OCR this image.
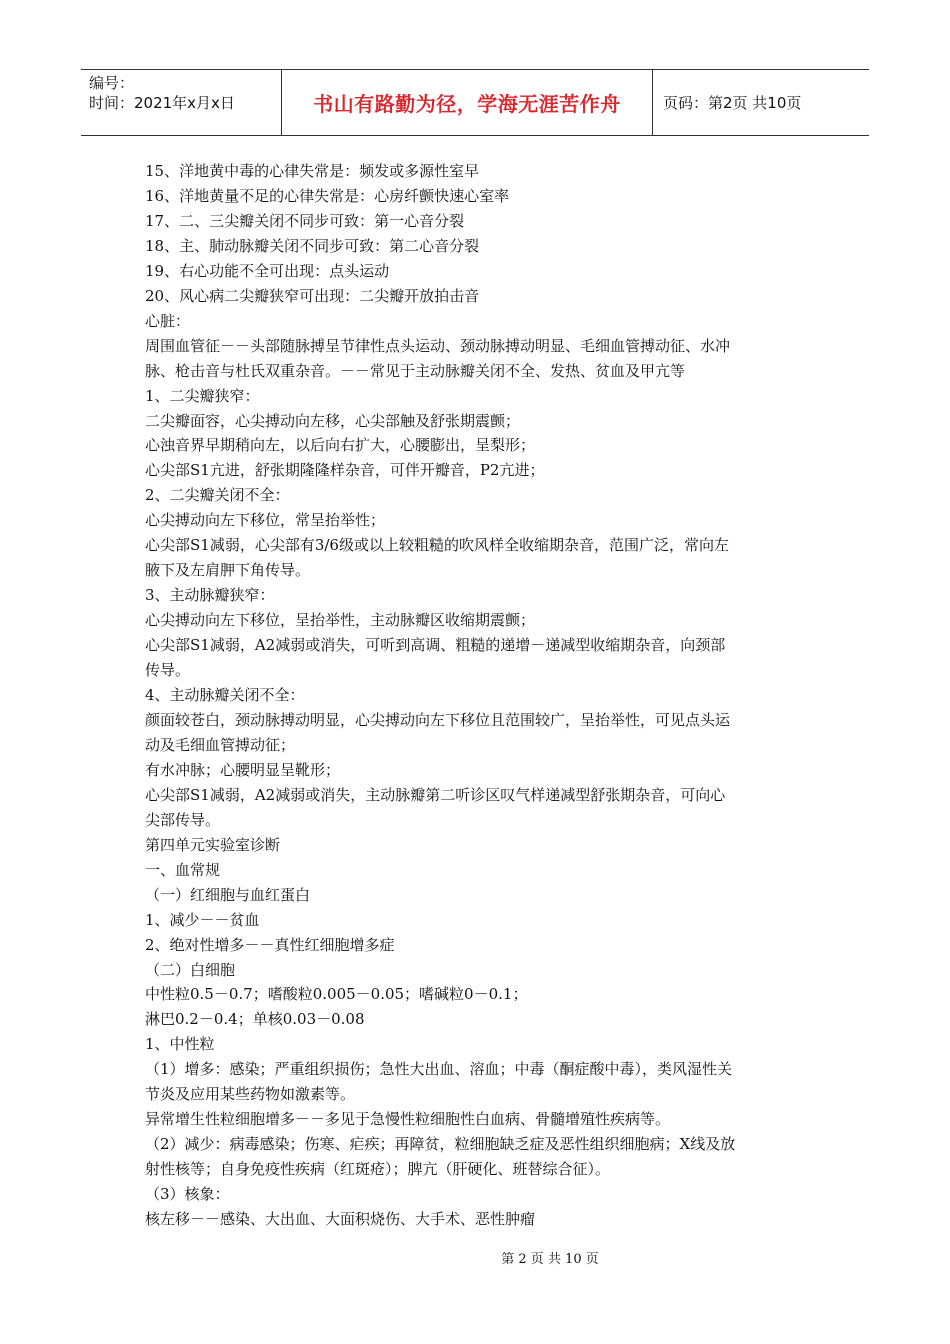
编号：
时间：2021年x月x日	书山有路勤为径，学海无涯苦作舟	页码：第2页 共10页
15、洋地黄中毒的心律失常是：频发或多源性室早
16、洋地黄量不足的心律失常是：心房纤颤快速心室率
17、二、三尖瓣关闭不同步可致：第一心音分裂
18、主、肺动脉瓣关闭不同步可致：第二心音分裂
19、右心功能不全可出现：点头运动
20、风心病二尖瓣狭窄可出现：二尖瓣开放拍击音
心脏：
周围血管征－－头部随脉搏呈节律性点头运动、颈动脉搏动明显、毛细血管搏动征、水冲
脉、枪击音与杜氏双重杂音。－－常见于主动脉瓣关闭不全、发热、贫血及甲亢等
1、二尖瓣狭窄：
二尖瓣面容，心尖搏动向左移，心尖部触及舒张期震颤；
心浊音界早期稍向左，以后向右扩大，心腰膨出，呈梨形；
心尖部S1亢进，舒张期隆隆样杂音，可伴开瓣音，P2亢进；
2、二尖瓣关闭不全：
心尖搏动向左下移位，常呈抬举性；
心尖部S1减弱，心尖部有3/6级或以上较粗糙的吹风样全收缩期杂音，范围广泛，常向左
腋下及左肩胛下角传导。
3、主动脉瓣狭窄：
心尖搏动向左下移位，呈抬举性，主动脉瓣区收缩期震颤；
心尖部S1减弱，A2减弱或消失，可听到高调、粗糙的递增－递减型收缩期杂音，向颈部
传导。
4、主动脉瓣关闭不全：
颜面较苍白，颈动脉搏动明显，心尖搏动向左下移位且范围较广，呈抬举性，可见点头运
动及毛细血管搏动征；
有水冲脉；心腰明显呈靴形；
心尖部S1减弱，A2减弱或消失，主动脉瓣第二听诊区叹气样递减型舒张期杂音，可向心
尖部传导。
第四单元实验室诊断
一、血常规
（一）红细胞与血红蛋白
1、减少－－贫血
2、绝对性增多－－真性红细胞增多症
（二）白细胞
中性粒0.5－0.7；嗜酸粒0.005－0.05；嗜碱粒0－0.1；
淋巴0.2－0.4；单核0.03－0.08
1、中性粒
（1）增多：感染；严重组织损伤；急性大出血、溶血；中毒（酮症酸中毒），类风湿性关
节炎及应用某些药物如激素等。
异常增生性粒细胞增多－－多见于急慢性粒细胞性白血病、骨髓增殖性疾病等。
（2）减少：病毒感染；伤寒、疟疾；再障贫，粒细胞缺乏症及恶性组织细胞病；X线及放
射性核等；自身免疫性疾病（红斑疮）；脾亢（肝硬化、班替综合征）。
（3）核象：
核左移－－感染、大出血、大面积烧伤、大手术、恶性肿瘤
第 2 页 共 10 页
